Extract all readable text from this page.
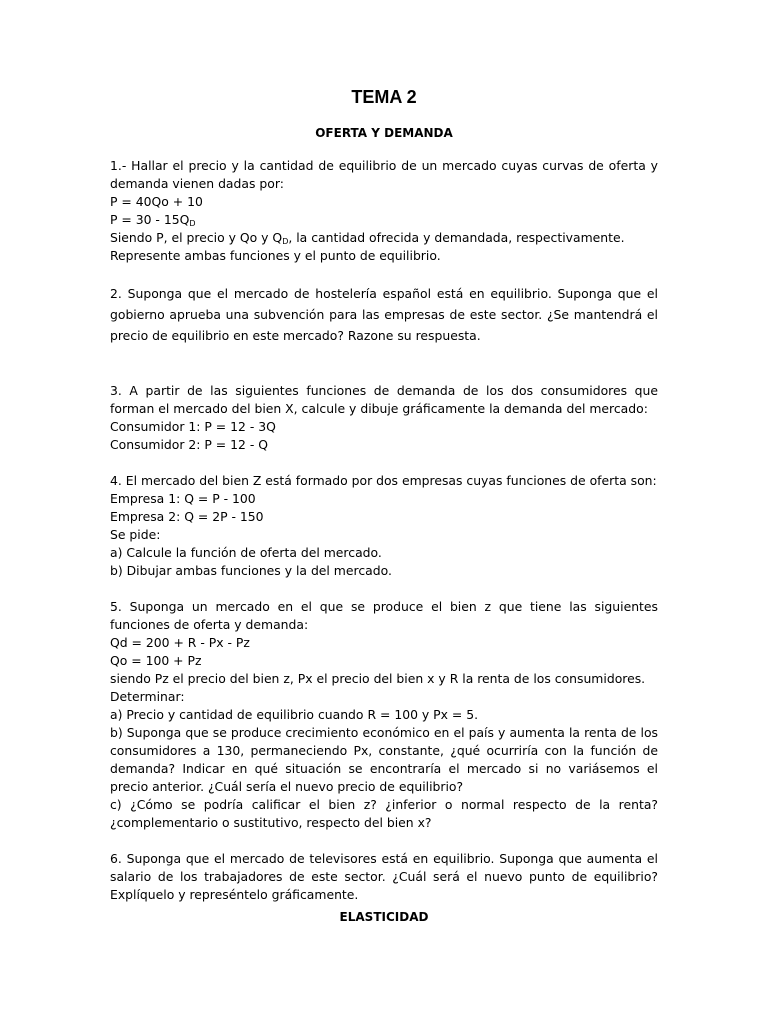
TEMA 2
OFERTA Y DEMANDA

1.- Hallar el precio y la cantidad de equilibrio de un mercado cuyas curvas de oferta y demanda vienen dadas por:

P = 40Qo + 10

$P = 30 - 15Q_D$

Siendo P, el precio y Qo y $Q_D$, la cantidad ofrecida y demandada, respectivamente.

Represente ambas funciones y el punto de equilibrio.

2. Suponga que el mercado de hostelería español está en equilibrio. Suponga que el gobierno aprueba una subvención para las empresas de este sector. ¿Se mantendrá el precio de equilibrio en este mercado? Razone su respuesta.

3. A partir de las siguientes funciones de demanda de los dos consumidores que forman el mercado del bien X, calcule y dibuje gráficamente la demanda del mercado:

Consumidor 1: P = 12 - 3Q

Consumidor 2: P = 12 - Q

4. El mercado del bien Z está formado por dos empresas cuyas funciones de oferta son:

Empresa 1: Q = P - 100

Empresa 2: Q = 2P - 150

Se pide:

a) Calcule la función de oferta del mercado.

b) Dibujar ambas funciones y la del mercado.

5. Suponga un mercado en el que se produce el bien z que tiene las siguientes funciones de oferta y demanda:

Qd = 200 + R - Px - Pz

Qo = 100 + Pz

siendo Pz el precio del bien z, Px el precio del bien x y R la renta de los consumidores.

Determinar:

a) Precio y cantidad de equilibrio cuando R = 100 y Px = 5.

b) Suponga que se produce crecimiento económico en el país y aumenta la renta de los consumidores a 130, permaneciendo Px, constante, ¿qué ocurriría con la función de demanda? Indicar en qué situación se encontraría el mercado si no variásemos el precio anterior. ¿Cuál sería el nuevo precio de equilibrio?

c) ¿Cómo se podría calificar el bien z? ¿inferior o normal respecto de la renta? ¿complementario o sustitutivo, respecto del bien x?

6. Suponga que el mercado de televisores está en equilibrio. Suponga que aumenta el salario de los trabajadores de este sector. ¿Cuál será el nuevo punto de equilibrio? Explíquelo y represéntelo gráficamente.

ELASTICIDAD
